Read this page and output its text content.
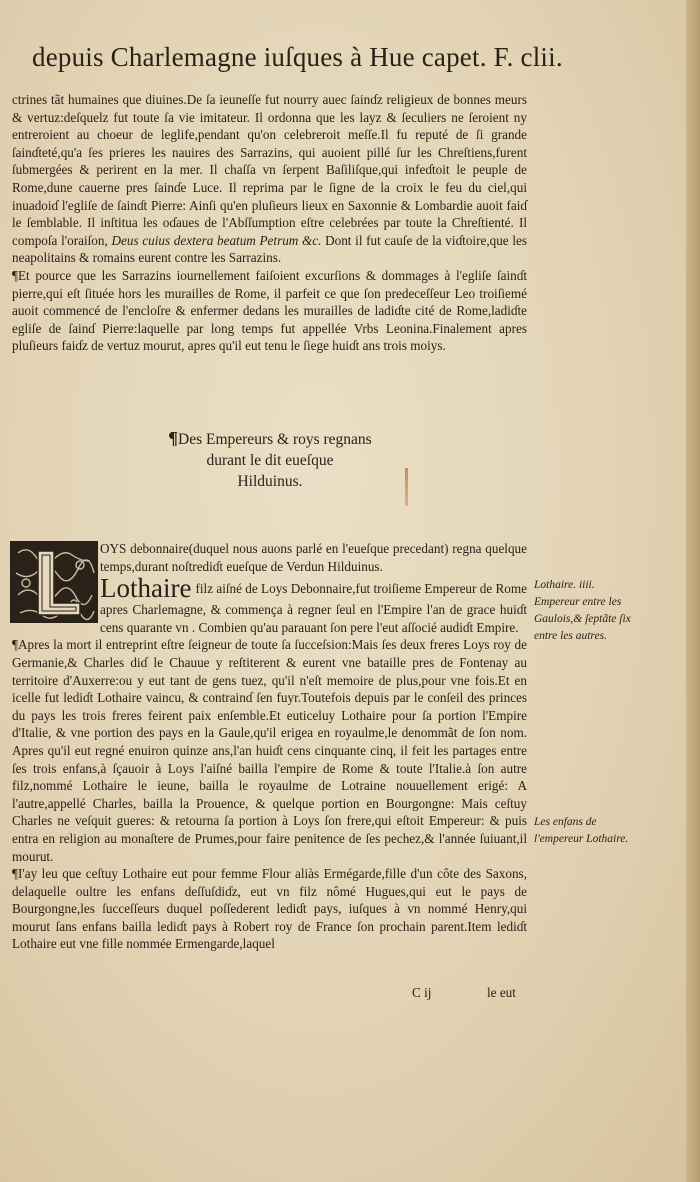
depuis Charlemagne iuſques à Hue capet. F. clii.

ctrines tãt humaines que diuines.De ſa ieuneſſe fut nourry auec ſainɗz religieux de bonnes meurs & vertuz:deſquelz fut toute ſa vie imitateur. Il ordonna que les layz & ſeculiers ne ſeroient ny entreroient au choeur de leglife,pendant qu'on celebreroit meſſe.Il fu reputé de ſi grande ſainɗteté,qu'a ſes prieres les nauires des Sarrazins, qui auoient pillé ſur les Chreſtiens,furent ſubmergées & perirent en la mer. Il chaſſa vn ſerpent Baſiliſque,qui infeɗtoit le peuple de Rome,dune cauerne pres ſainɗe Luce. Il reprima par le ſigne de la croix le feu du ciel,qui inuadoiɗ l'egliſe de ſainɗt Pierre: Ainſi qu'en pluſieurs lieux en Saxonnie & Lombardie auoit faiɗ le ſemblable. Il inſtitua les oɗaues de l'Abſſumption eſtre celebrées par toute la Chreſtienté. Il compoſa l'oraiſon, Deus cuius dextera beatum Petrum &c. Dont il fut cauſe de la viɗtoire,que les neapolitains & romains eurent contre les Sarrazins.

¶Et pource que les Sarrazins iournellement faiſoient excurſions & dommages à l'egliſe ſainɗt pierre,qui eſt ſituée hors les murailles de Rome, il parfeit ce que ſon predeceſſeur Leo troiſiemé auoit commencé de l'encloſre & enfermer dedans les murailles de ladiɗte cité de Rome,ladiɗte egliſe de ſainɗ Pierre:laquelle par long temps fut appellée Vrbs Leonina.Finalement apres pluſieurs faiɗz de vertuz mourut, apres qu'il eut tenu le ſiege huiɗt ans trois moiys.

¶Des Empereurs & roys regnans
durant le dit eueſque
Hilduinus.

OYS debonnaire(duquel nous auons parlé en l'eueſque precedant) regna quelque temps,durant noſtrediɗt eueſque de Verdun Hilduinus.

Lothaire filz aiſné de Loys Debonnaire,fut troiſieme Empereur de Rome apres Charlemagne, & commença à regner ſeul en l'Empire l'an de grace huiɗt cens quarante vn . Combien qu'au parauant ſon pere l'eut aſſocié audiɗt Empire.

¶Apres la mort il entreprint eſtre ſeigneur de toute ſa ſucceſsion:Mais ſes deux freres Loys roy de Germanie,& Charles diɗ le Chauue y reſtiterent & eurent vne bataille pres de Fontenay au territoire d'Auxerre:ou y eut tant de gens tuez, qu'il n'eſt memoire de plus,pour vne fois.Et en icelle fut lediɗt Lothaire vaincu, & contrainɗ ſen fuyr.Toutefois depuis par le conſeil des princes du pays les trois freres feirent paix enſemble.Et euticeluy Lothaire pour ſa portion l'Empire d'Italie, & vne portion des pays en la Gaule,qu'il erigea en royaulme,le denommãt de ſon nom. Apres qu'il eut regné enuiron quinze ans,l'an huiɗt cens cinquante cinq, il feit les partages entre ſes trois enfans,à ſçauoir à Loys l'aiſné bailla l'empire de Rome & toute l'Italie.à ſon autre filz,nommé Lothaire le ieune, bailla le royaulme de Lotraine nouuellement erigé: A l'autre,appellé Charles, bailla la Prouence, & quelque portion en Bourgongne: Mais ceſtuy Charles ne veſquit gueres: & retourna ſa portion à Loys ſon frere,qui eſtoit Empereur: & puis entra en religion au monaſtere de Prumes,pour faire penitence de ſes pechez,& l'année ſuiuant,il mourut.

¶I'ay leu que ceſtuy Lothaire eut pour femme Flour aliàs Ermégarde,fille d'un côte des Saxons, delaquelle oultre les enfans deſſuſdiɗz, eut vn filz nômé Hugues,qui eut le pays de Bourgongne,les ſucceſſeurs duquel poſſederent lediɗt pays, iuſques à vn nommé Henry,qui mourut ſans enfans bailla lediɗt pays à Robert roy de France ſon prochain parent.Item lediɗt Lothaire eut vne fille nommée Ermengarde,laquel

Lothaire. iiii. Empereur entre les Gaulois,& ſeptãte ſix entre les autres.
Les enfans de l'empereur Lothaire.
C ij	le eut
